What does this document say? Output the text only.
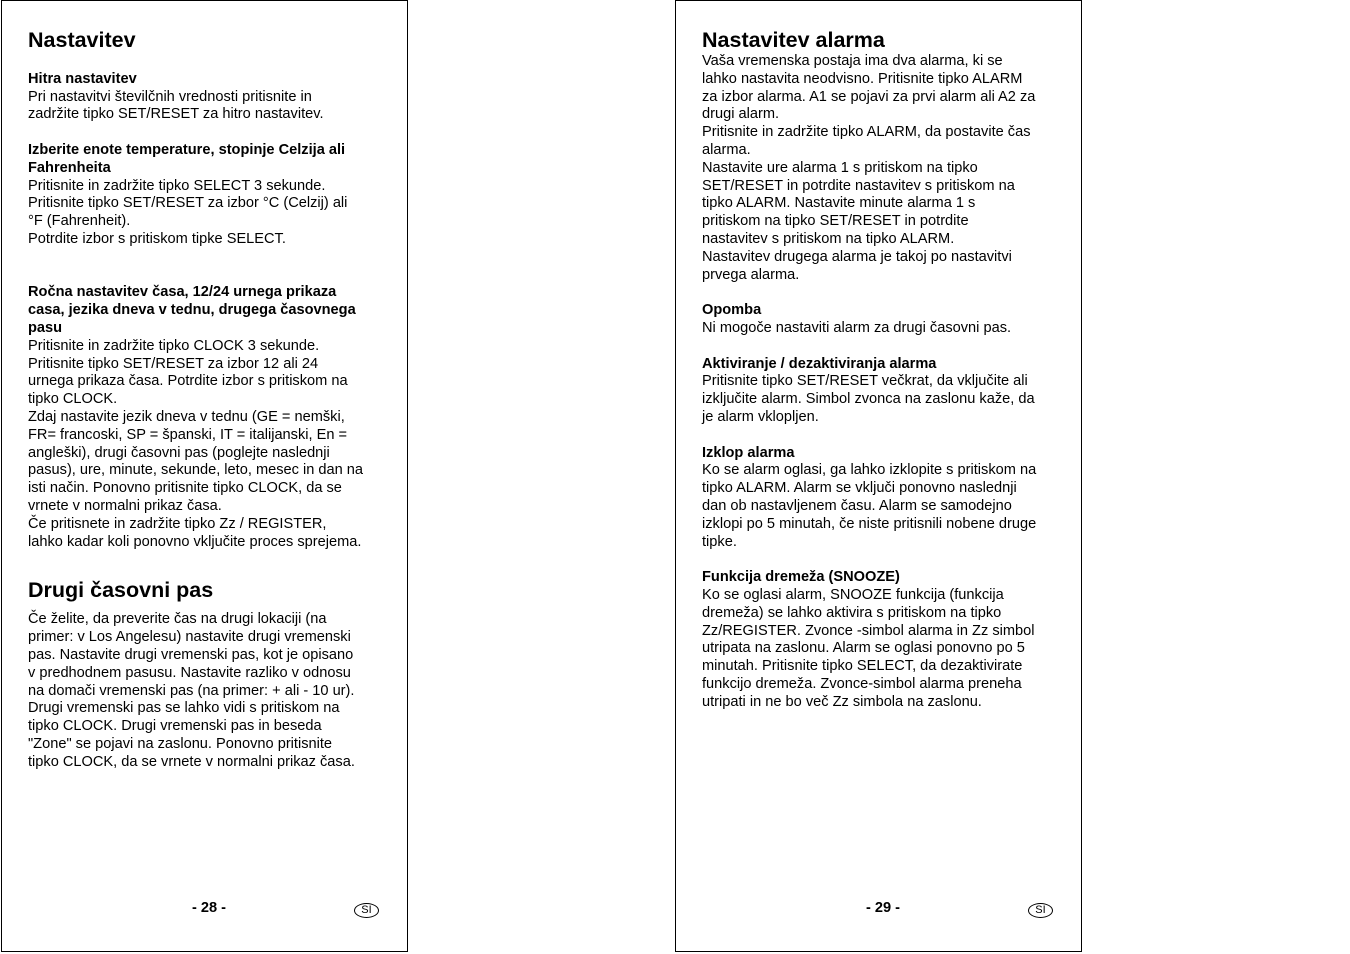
Nastavitev
Hitra nastavitev
Pri nastavitvi številčnih vrednosti pritisnite in
zadržite tipko SET/RESET za hitro nastavitev.
Izberite enote temperature, stopinje Celzija ali
Fahrenheita
Pritisnite in zadržite tipko SELECT 3 sekunde.
Pritisnite tipko SET/RESET za izbor °C (Celzij) ali
°F (Fahrenheit).
Potrdite izbor s pritiskom tipke SELECT.
Ročna nastavitev časa, 12/24 urnega prikaza
casa, jezika dneva v tednu, drugega časovnega
pasu
Pritisnite in zadržite tipko CLOCK 3 sekunde.
Pritisnite tipko SET/RESET za izbor 12 ali 24
urnega prikaza časa. Potrdite izbor s pritiskom na
tipko CLOCK.
Zdaj nastavite jezik dneva v tednu (GE = nemški,
FR= francoski, SP = španski, IT = italijanski, En =
angleški), drugi časovni pas (poglejte naslednji
pasus), ure, minute, sekunde, leto, mesec in dan na
isti način. Ponovno pritisnite tipko CLOCK, da se
vrnete v normalni prikaz časa.
Če pritisnete in zadržite tipko Zz / REGISTER,
lahko kadar koli ponovno vključite proces sprejema.
Drugi časovni pas
Če želite, da preverite čas na drugi lokaciji (na
primer: v Los Angelesu) nastavite drugi vremenski
pas. Nastavite drugi vremenski pas, kot je opisano
v predhodnem pasusu. Nastavite razliko v odnosu
na domači vremenski pas (na primer: + ali - 10 ur).
Drugi vremenski pas se lahko vidi s pritiskom na
tipko CLOCK. Drugi vremenski pas in beseda
"Zone" se pojavi na zaslonu. Ponovno pritisnite
tipko CLOCK, da se vrnete v normalni prikaz časa.
- 28 -	SI
Nastavitev alarma
Vaša vremenska postaja ima dva alarma, ki se
lahko nastavita neodvisno. Pritisnite tipko ALARM
za izbor alarma. A1 se pojavi za prvi alarm ali A2 za
drugi alarm.
Pritisnite in zadržite tipko ALARM, da postavite čas
alarma.
Nastavite ure alarma 1 s pritiskom na tipko
SET/RESET in potrdite nastavitev s pritiskom na
tipko ALARM. Nastavite minute alarma 1 s
pritiskom na tipko SET/RESET in potrdite
nastavitev s pritiskom na tipko ALARM.
Nastavitev drugega alarma je takoj po nastavitvi
prvega alarma.
Opomba
Ni mogoče nastaviti alarm za drugi časovni pas.
Aktiviranje / dezaktiviranja alarma
Pritisnite tipko SET/RESET večkrat, da vključite ali
izključite alarm. Simbol zvonca na zaslonu kaže, da
je alarm vklopljen.
Izklop alarma
Ko se alarm oglasi, ga lahko izklopite s pritiskom na
tipko ALARM. Alarm se vključi ponovno naslednji
dan ob nastavljenem času. Alarm se samodejno
izklopi po 5 minutah, če niste pritisnili nobene druge
tipke.
Funkcija dremeža (SNOOZE)
Ko se oglasi alarm, SNOOZE funkcija (funkcija
dremeža) se lahko aktivira s pritiskom na tipko
Zz/REGISTER. Zvonce -simbol alarma in Zz simbol
utripata na zaslonu. Alarm se oglasi ponovno po 5
minutah. Pritisnite tipko SELECT, da dezaktivirate
funkcijo dremeža. Zvonce-simbol alarma preneha
utripati in ne bo več Zz simbola na zaslonu.
- 29 -	SI
